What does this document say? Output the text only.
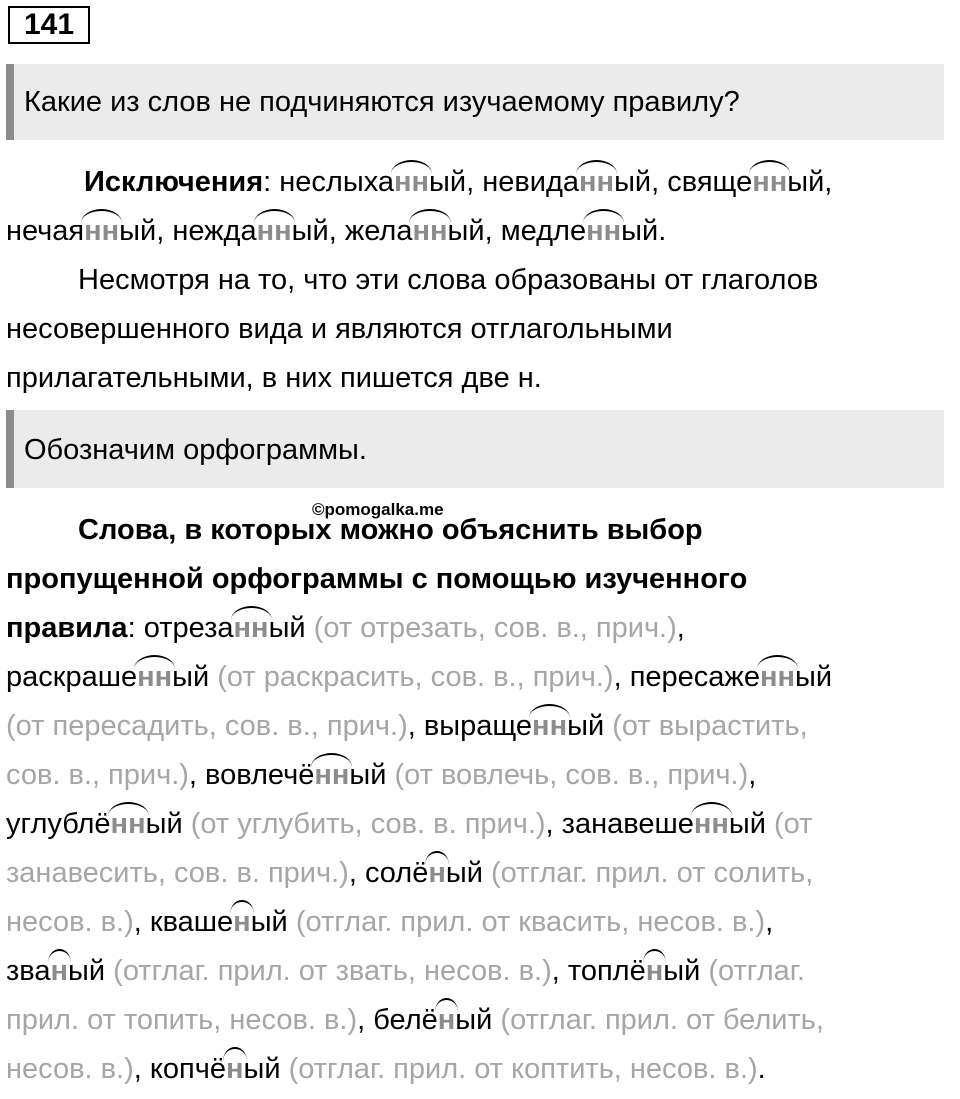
141
Какие из слов не подчиняются изучаемому правилу?
Исключения: неслыха
нный, невида
нный, свяще
нный,
нечая
нный, нежда
нный, жела
нный, медле
нный.
Несмотря на то, что эти слова образованы от глаголов
несовершенного вида и являются отглагольными
прилагательными, в них пишется две н.
Обозначим орфограммы.
©pomogalka.me
Слова, в которых можно объяснить выбор
пропущенной орфограммы с помощью изученного
правила: отреза
нный (от отрезать, сов. в., прич.),
раскраше
нный (от раскрасить, сов. в., прич.), пересаже
нный
(от пересадить, сов. в., прич.), выраще
нный (от вырастить,
сов. в., прич.), вовлечё
нный (от вовлечь, сов. в., прич.),
углублё
нный (от углубить, сов. в. прич.), занавеше
нный (от
занавесить, сов. в. прич.), солё
ный (отглаг. прил. от солить,
несов. в.), кваше
ный (отглаг. прил. от квасить, несов. в.),
зва
ный (отглаг. прил. от звать, несов. в.), топлё
ный (отглаг.
прил. от топить, несов. в.), белё
ный (отглаг. прил. от белить,
несов. в.), копчё
ный (отглаг. прил. от коптить, несов. в.).
